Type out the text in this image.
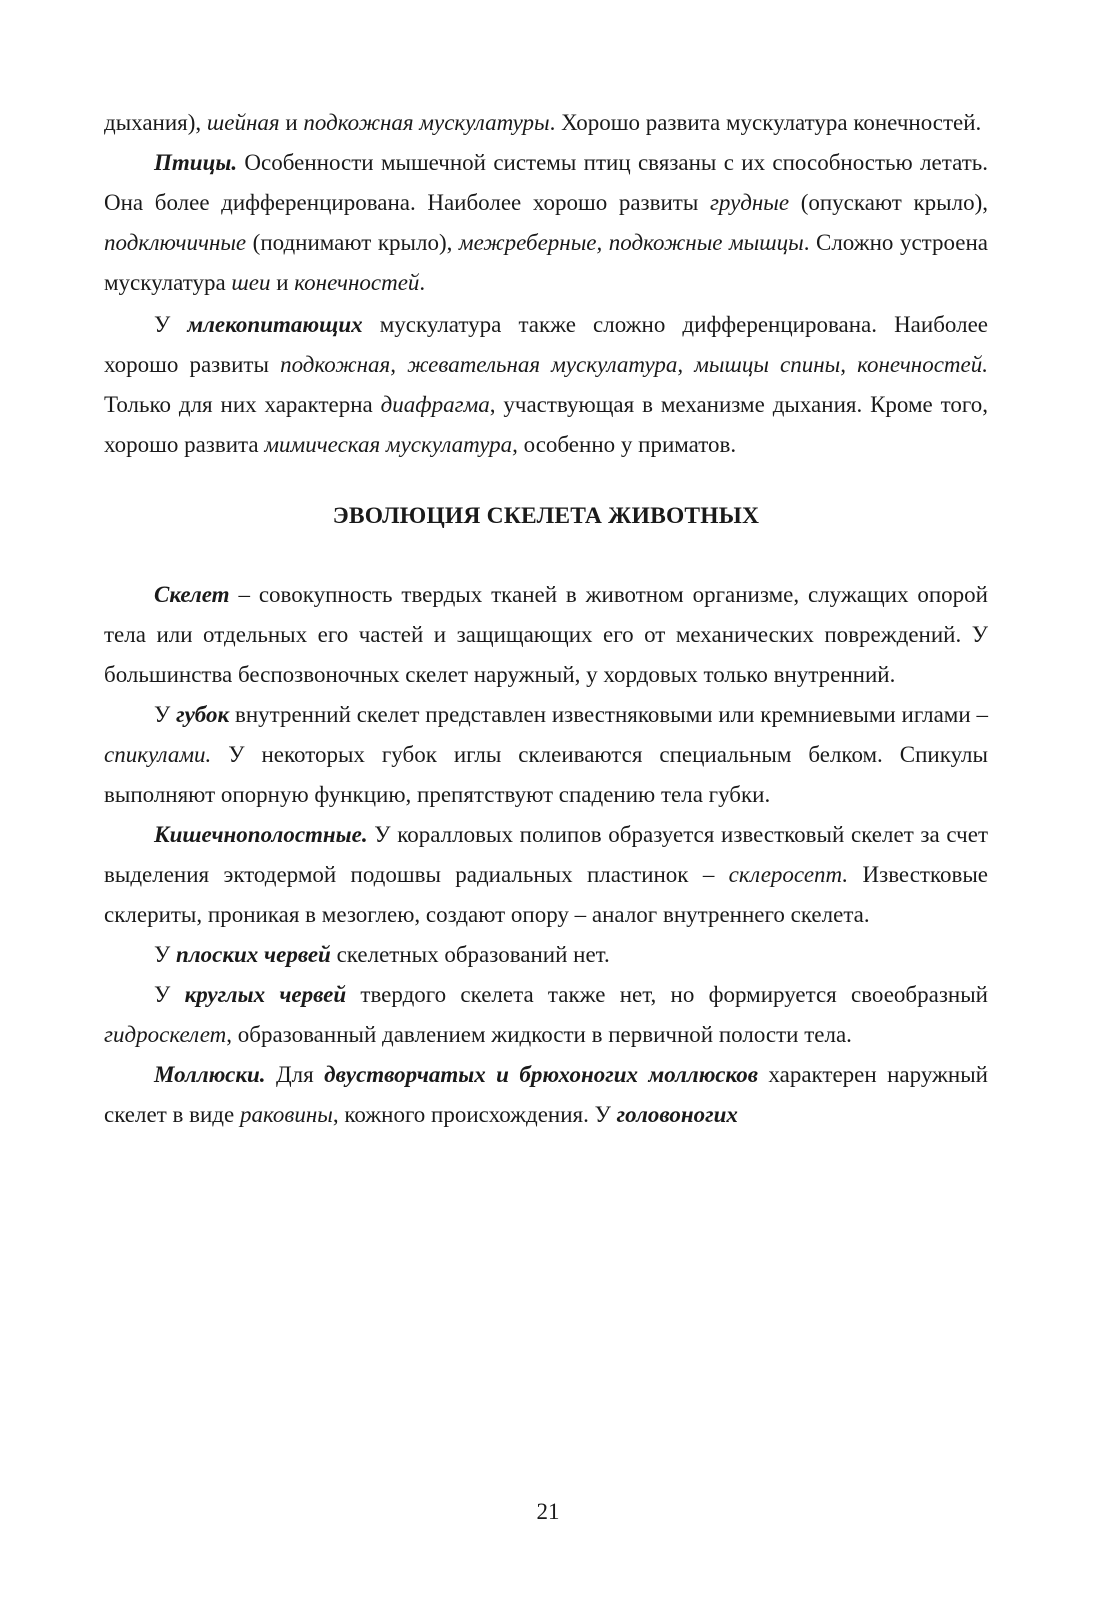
дыхания), шейная и подкожная мускулатуры. Хорошо развита мускулатура конечностей.

Птицы. Особенности мышечной системы птиц связаны с их способностью летать. Она более дифференцирована. Наиболее хорошо развиты грудные (опускают крыло), подключичные (поднимают крыло), межреберные, подкожные мышцы. Сложно устроена мускулатура шеи и конечностей.

У млекопитающих мускулатура также сложно дифференцирована. Наиболее хорошо развиты подкожная, жевательная мускулатура, мышцы спины, конечностей. Только для них характерна диафрагма, участвующая в механизме дыхания. Кроме того, хорошо развита мимическая мускулатура, особенно у приматов.

ЭВОЛЮЦИЯ СКЕЛЕТА ЖИВОТНЫХ

Скелет – совокупность твердых тканей в животном организме, служащих опорой тела или отдельных его частей и защищающих его от механических повреждений. У большинства беспозвоночных скелет наружный, у хордовых только внутренний.

У губок внутренний скелет представлен известняковыми или кремниевыми иглами – спикулами. У некоторых губок иглы склеиваются специальным белком. Спикулы выполняют опорную функцию, препятствуют спадению тела губки.

Кишечнополостные. У коралловых полипов образуется известковый скелет за счет выделения эктодермой подошвы радиальных пластинок – склеросепт. Известковые склериты, проникая в мезоглею, создают опору – аналог внутреннего скелета.

У плоских червей скелетных образований нет.

У круглых червей твердого скелета также нет, но формируется своеобразный гидроскелет, образованный давлением жидкости в первичной полости тела.

Моллюски. Для двустворчатых и брюхоногих моллюсков характерен наружный скелет в виде раковины, кожного происхождения. У головоногих

21
